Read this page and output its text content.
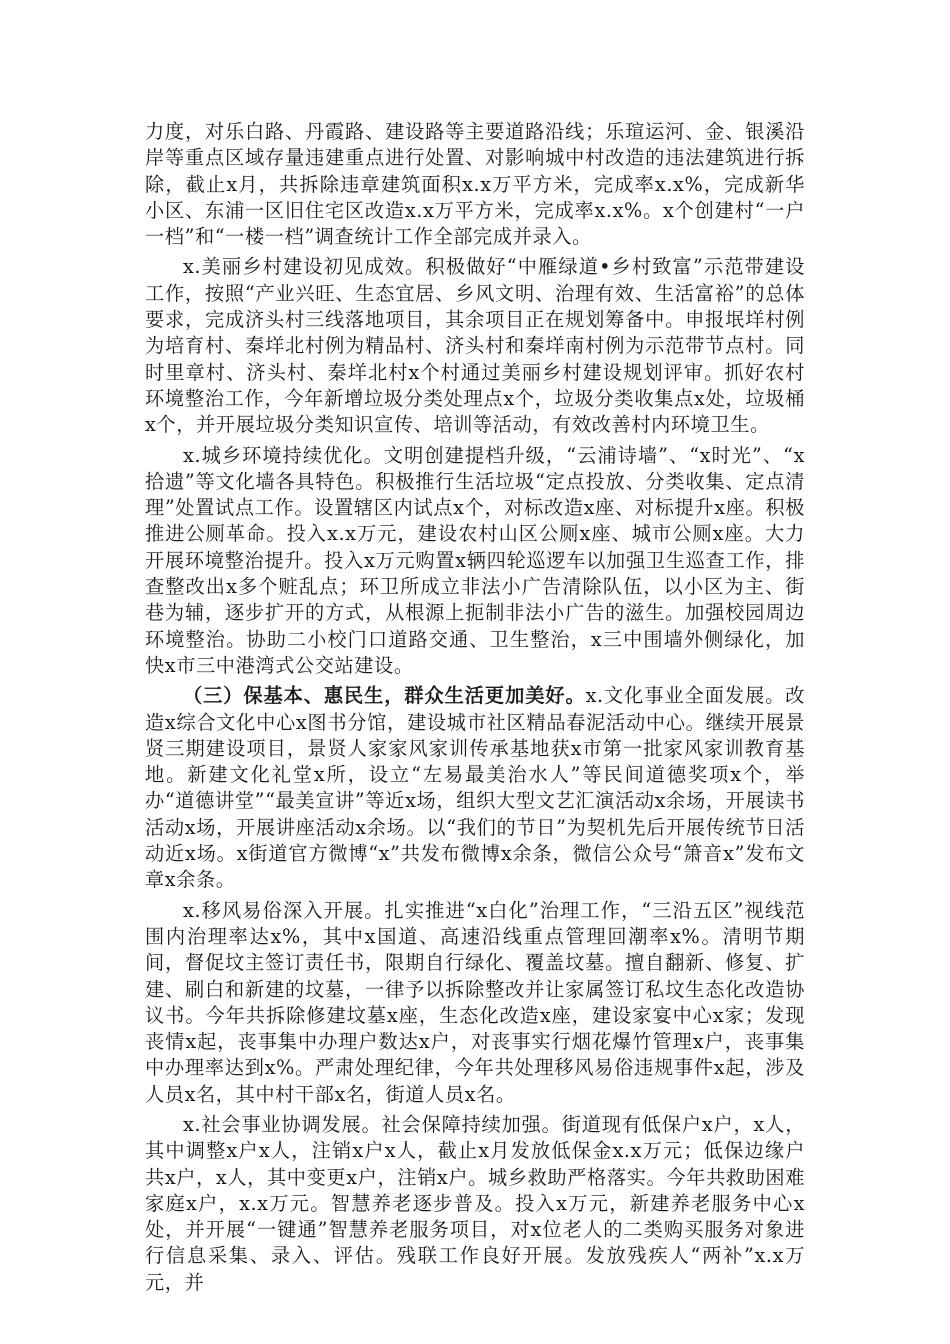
力度，对乐白路、丹霞路、建设路等主要道路沿线；乐瑄运河、金、银溪沿岸等重点区域存量违建重点进行处置、对影响城中村改造的违法建筑进行拆除，截止x月，共拆除违章建筑面积x.x万平方米，完成率x.x%，完成新华小区、东浦一区旧住宅区改造x.x万平方米，完成率x.x%。x个创建村“一户一档”和“一楼一档”调查统计工作全部完成并录入。

x.美丽乡村建设初见成效。积极做好“中雁绿道•乡村致富”示范带建设工作，按照“产业兴旺、生态宜居、乡风文明、治理有效、生活富裕”的总体要求，完成济头村三线落地项目，其余项目正在规划筹备中。申报垊垟村例为培育村、秦垟北村例为精品村、济头村和秦垟南村例为示范带节点村。同时里章村、济头村、秦垟北村x个村通过美丽乡村建设规划评审。抓好农村环境整治工作，今年新增垃圾分类处理点x个，垃圾分类收集点x处，垃圾桶x个，并开展垃圾分类知识宣传、培训等活动，有效改善村内环境卫生。

x.城乡环境持续优化。文明创建提档升级，“云浦诗墙”、“x时光”、“x拾遗”等文化墙各具特色。积极推行生活垃圾“定点投放、分类收集、定点清理”处置试点工作。设置辖区内试点x个，对标改造x座、对标提升x座。积极推进公厕革命。投入x.x万元，建设农村山区公厕x座、城市公厕x座。大力开展环境整治提升。投入x万元购置x辆四轮巡逻车以加强卫生巡查工作，排查整改出x多个赃乱点；环卫所成立非法小广告清除队伍，以小区为主、街巷为辅，逐步扩开的方式，从根源上扼制非法小广告的滋生。加强校园周边环境整治。协助二小校门口道路交通、卫生整治，x三中围墙外侧绿化，加快x市三中港湾式公交站建设。

（三）保基本、惠民生，群众生活更加美好。x.文化事业全面发展。改造x综合文化中心x图书分馆，建设城市社区精品春泥活动中心。继续开展景贤三期建设项目，景贤人家家风家训传承基地获x市第一批家风家训教育基地。新建文化礼堂x所，设立“左易最美治水人”等民间道德奖项x个，举办“道德讲堂”“最美宣讲”等近x场，组织大型文艺汇演活动x余场，开展读书活动x场，开展讲座活动x余场。以“我们的节日”为契机先后开展传统节日活动近x场。x街道官方微博“x”共发布微博x余条，微信公众号“箫音x”发布文章x余条。

x.移风易俗深入开展。扎实推进“x白化”治理工作，“三沿五区”视线范围内治理率达x%，其中x国道、高速沿线重点管理回潮率x%。清明节期间，督促坟主签订责任书，限期自行绿化、覆盖坟墓。擅自翻新、修复、扩建、刷白和新建的坟墓，一律予以拆除整改并让家属签订私坟生态化改造协议书。今年共拆除修建坟墓x座，生态化改造x座，建设家宴中心x家；发现丧情x起，丧事集中办理户数达x户，对丧事实行烟花爆竹管理x户，丧事集中办理率达到x%。严肃处理纪律，今年共处理移风易俗违规事件x起，涉及人员x名，其中村干部x名，街道人员x名。

x.社会事业协调发展。社会保障持续加强。街道现有低保户x户，x人，其中调整x户x人，注销x户x人，截止x月发放低保金x.x万元；低保边缘户共x户，x人，其中变更x户，注销x户。城乡救助严格落实。今年共救助困难家庭x户，x.x万元。智慧养老逐步普及。投入x万元，新建养老服务中心x处，并开展“一键通”智慧养老服务项目，对x位老人的二类购买服务对象进行信息采集、录入、评估。残联工作良好开展。发放残疾人“两补”x.x万元，并
